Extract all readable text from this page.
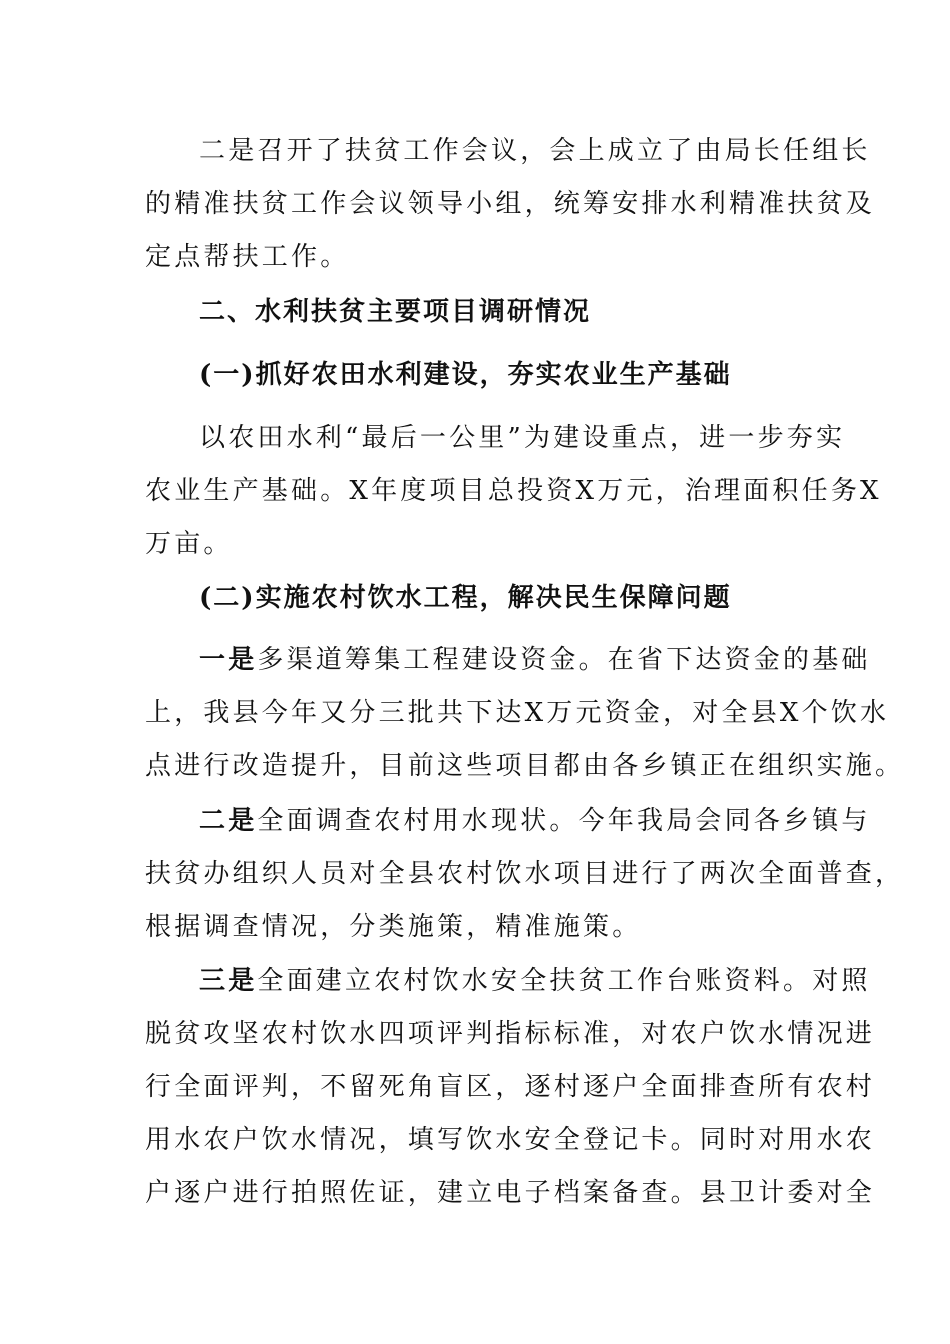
二是召开了扶贫工作会议，会上成立了由局长任组长
的精准扶贫工作会议领导小组，统筹安排水利精准扶贫及
定点帮扶工作。
二、水利扶贫主要项目调研情况
(一)抓好农田水利建设，夯实农业生产基础
以农田水利“最后一公里”为建设重点，进一步夯实
农业生产基础。X年度项目总投资X万元，治理面积任务X
万亩。
(二)实施农村饮水工程，解决民生保障问题
一是多渠道筹集工程建设资金。在省下达资金的基础
上，我县今年又分三批共下达X万元资金，对全县X个饮水
点进行改造提升，目前这些项目都由各乡镇正在组织实施。
二是全面调查农村用水现状。今年我局会同各乡镇与
扶贫办组织人员对全县农村饮水项目进行了两次全面普查，
根据调查情况，分类施策，精准施策。
三是全面建立农村饮水安全扶贫工作台账资料。对照
脱贫攻坚农村饮水四项评判指标标准，对农户饮水情况进
行全面评判，不留死角盲区，逐村逐户全面排查所有农村
用水农户饮水情况，填写饮水安全登记卡。同时对用水农
户逐户进行拍照佐证，建立电子档案备查。县卫计委对全
